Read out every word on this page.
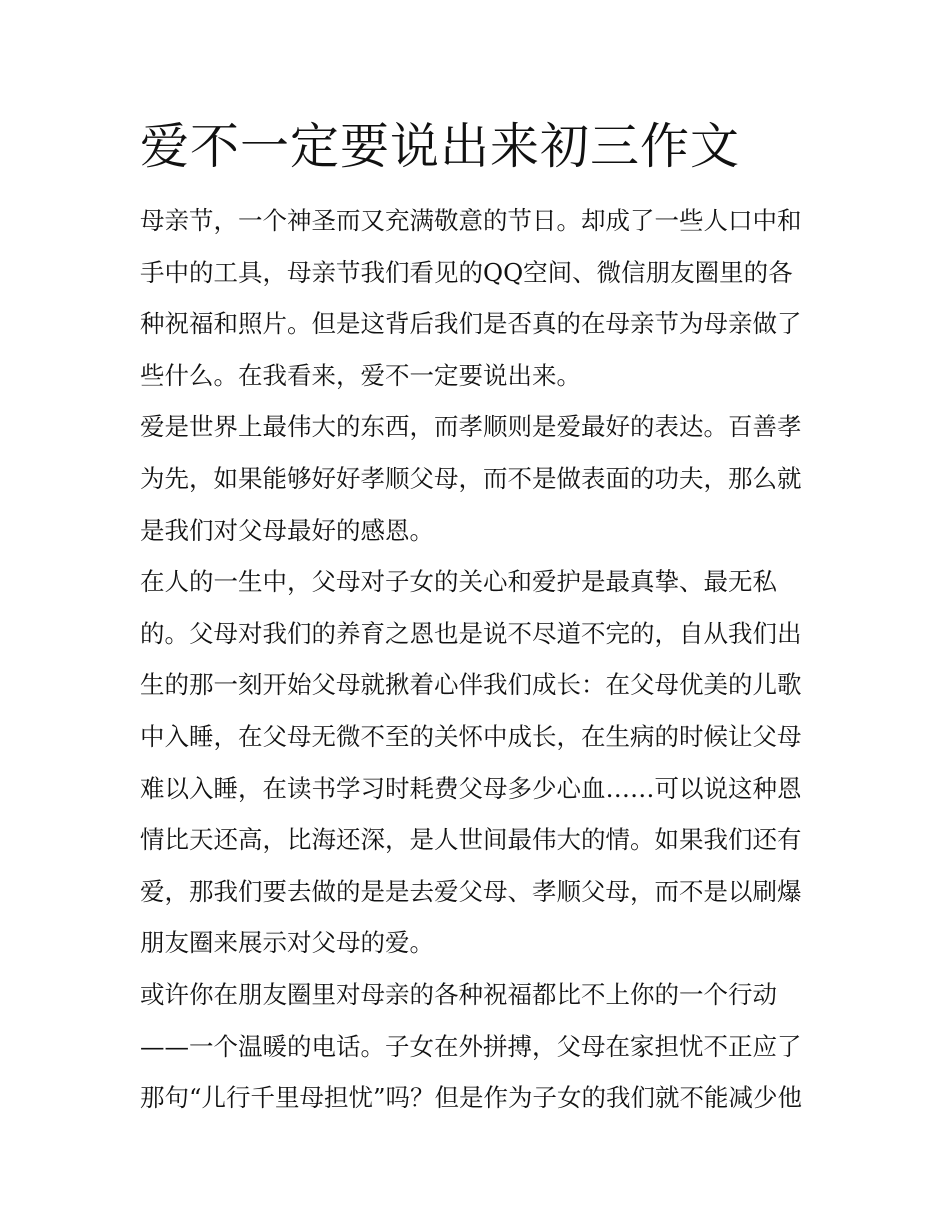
爱不一定要说出来初三作文
母亲节，一个神圣而又充满敬意的节日。却成了一些人口中和
手中的工具，母亲节我们看见的QQ空间、微信朋友圈里的各
种祝福和照片。但是这背后我们是否真的在母亲节为母亲做了
些什么。在我看来，爱不一定要说出来。
爱是世界上最伟大的东西，而孝顺则是爱最好的表达。百善孝
为先，如果能够好好孝顺父母，而不是做表面的功夫，那么就
是我们对父母最好的感恩。
在人的一生中，父母对子女的关心和爱护是最真挚、最无私
的。父母对我们的养育之恩也是说不尽道不完的，自从我们出
生的那一刻开始父母就揪着心伴我们成长：在父母优美的儿歌
中入睡，在父母无微不至的关怀中成长，在生病的时候让父母
难以入睡，在读书学习时耗费父母多少心血……可以说这种恩
情比天还高，比海还深，是人世间最伟大的情。如果我们还有
爱，那我们要去做的是是去爱父母、孝顺父母，而不是以刷爆
朋友圈来展示对父母的爱。
或许你在朋友圈里对母亲的各种祝福都比不上你的一个行动
——一个温暖的电话。子女在外拼搏，父母在家担忧不正应了
那句“儿行千里母担忧”吗？但是作为子女的我们就不能减少他
